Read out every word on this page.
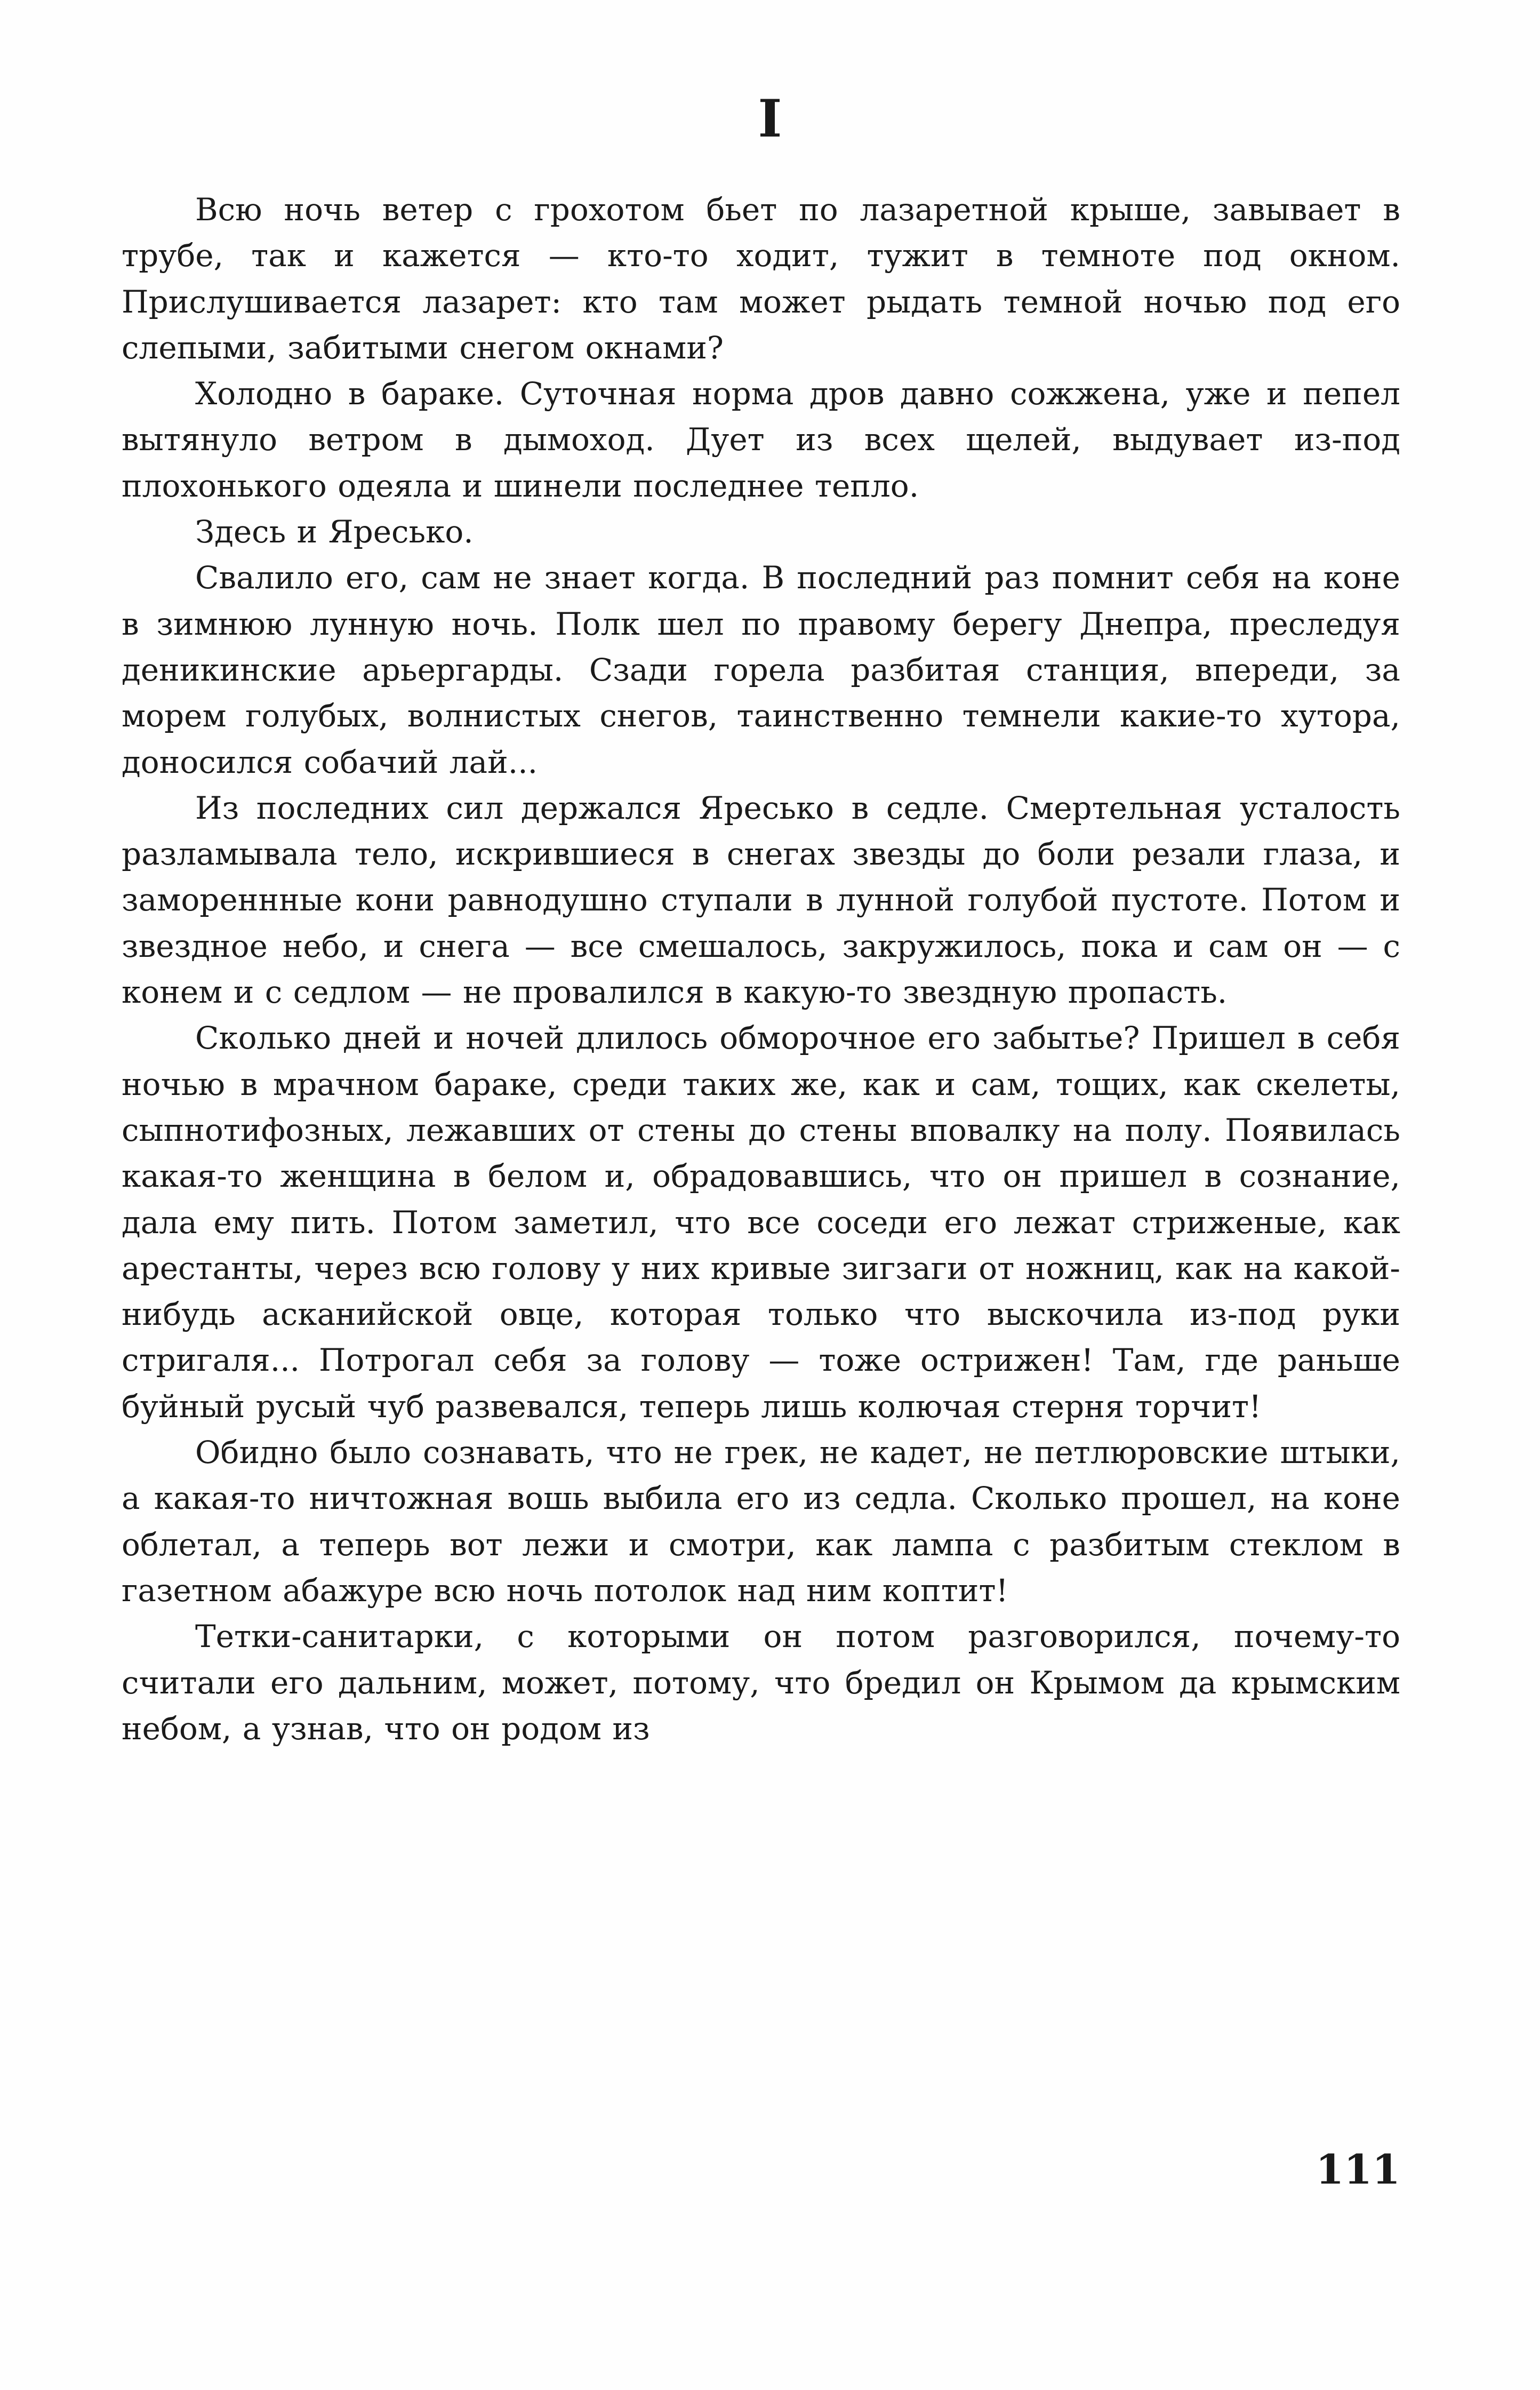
I

Всю ночь ветер с грохотом бьет по лазаретной крыше, завывает в трубе, так и кажется — кто-то ходит, тужит в темноте под окном. Прислушивается лазарет: кто там может рыдать темной ночью под его слепыми, забитыми снегом окнами?

Холодно в бараке. Суточная норма дров давно сожжена, уже и пепел вытянуло ветром в дымоход. Дует из всех щелей, выдувает из-под плохонького одеяла и шинели последнее тепло.

Здесь и Яресько.

Свалило его, сам не знает когда. В последний раз помнит себя на коне в зимнюю лунную ночь. Полк шел по правому берегу Днепра, преследуя деникинские арьергарды. Сзади горела разбитая станция, впереди, за морем голубых, волнистых снегов, таинственно темнели какие-то хутора, доносился собачий лай...

Из последних сил держался Яресько в седле. Смертельная усталость разламывала тело, искрившиеся в снегах звезды до боли резали глаза, и замореннные кони равнодушно ступали в лунной голубой пустоте. Потом и звездное небо, и снега — все смешалось, закружилось, пока и сам он — с конем и с седлом — не провалился в какую-то звездную пропасть.

Сколько дней и ночей длилось обморочное его забытье? Пришел в себя ночью в мрачном бараке, среди таких же, как и сам, тощих, как скелеты, сыпнотифозных, лежавших от стены до стены вповалку на полу. Появилась какая-то женщина в белом и, обрадовавшись, что он пришел в сознание, дала ему пить. Потом заметил, что все соседи его лежат стриженые, как арестанты, через всю голову у них кривые зигзаги от ножниц, как на какой-нибудь асканийской овце, которая только что выскочила из-под руки стригаля... Потрогал себя за голову — тоже острижен! Там, где раньше буйный русый чуб развевался, теперь лишь колючая стерня торчит!

Обидно было сознавать, что не грек, не кадет, не петлюровские штыки, а какая-то ничтожная вошь выбила его из седла. Сколько прошел, на коне облетал, а теперь вот лежи и смотри, как лампа с разбитым стеклом в газетном абажуре всю ночь потолок над ним коптит!

Тетки-санитарки, с которыми он потом разговорился, почему-то считали его дальним, может, потому, что бредил он Крымом да крымским небом, а узнав, что он родом из

111
